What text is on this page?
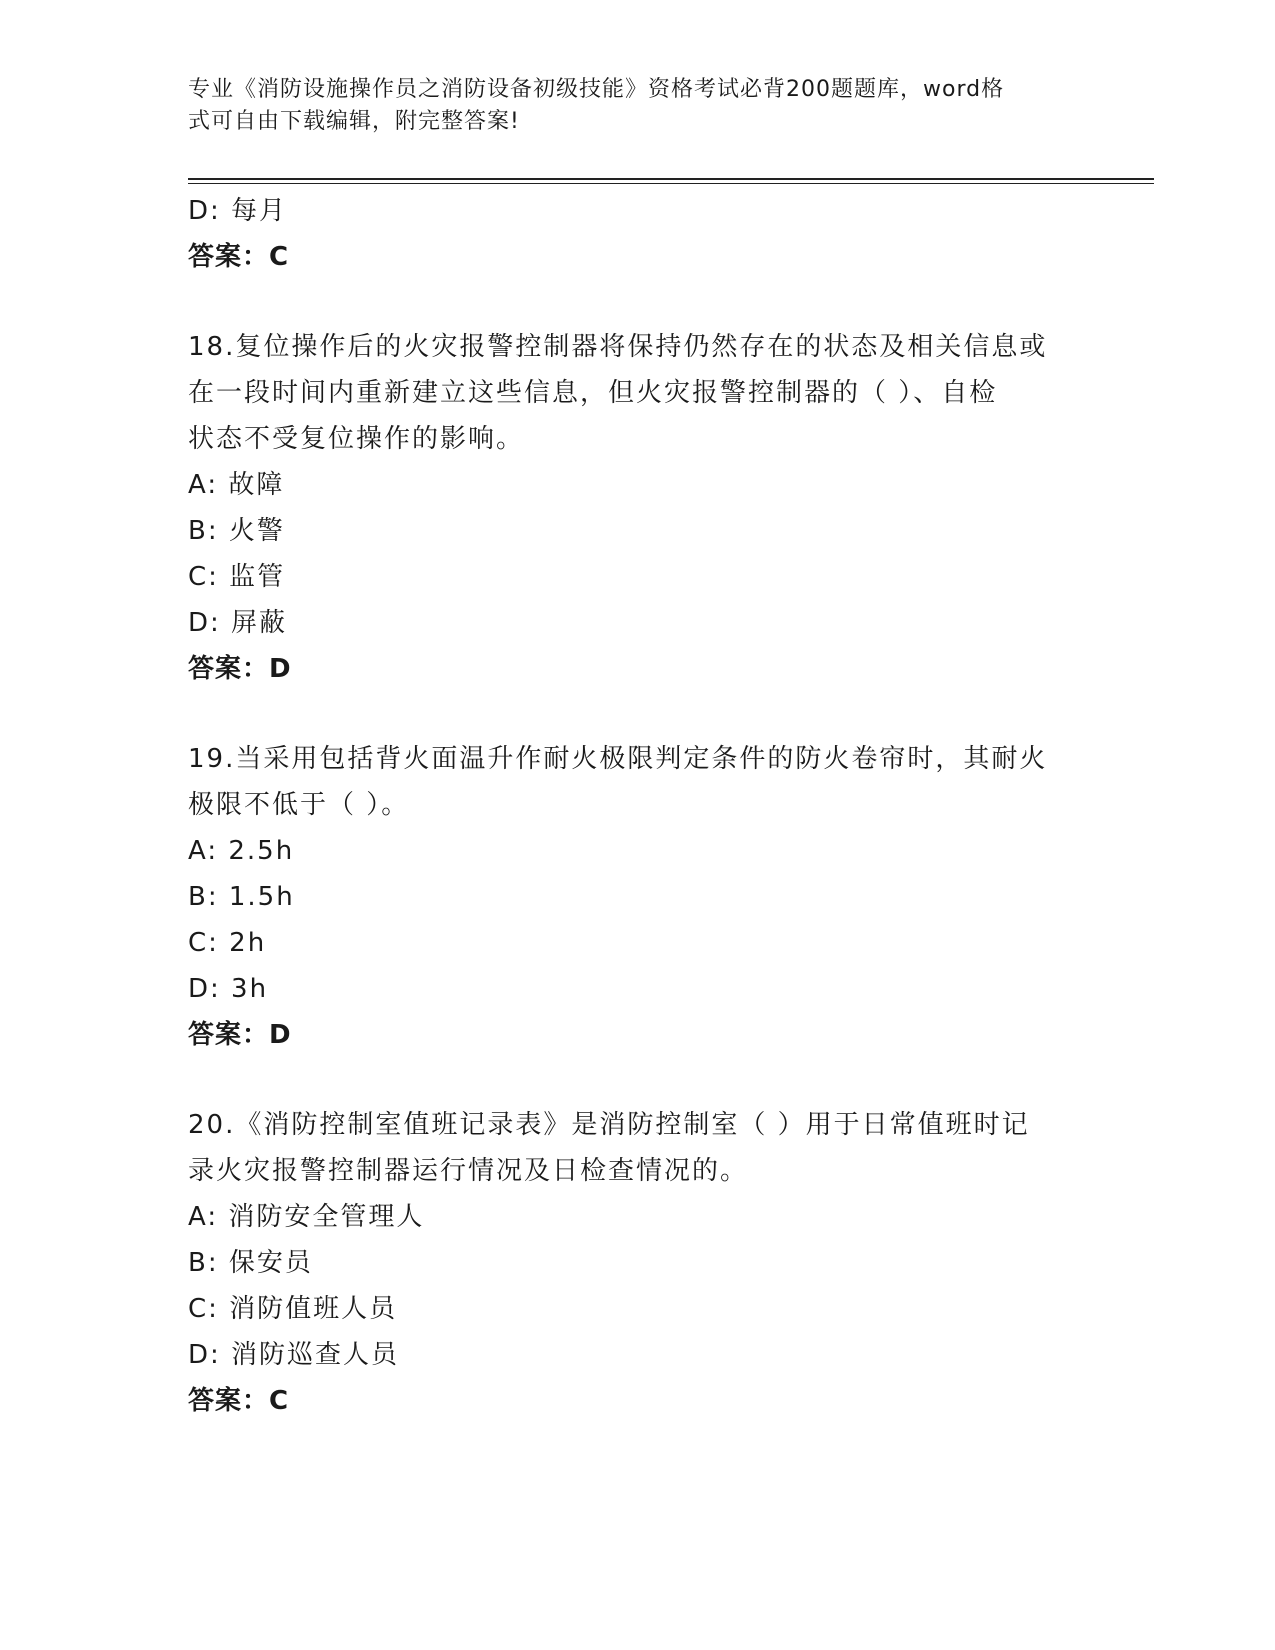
专业《消防设施操作员之消防设备初级技能》资格考试必背200题题库，word格
式可自由下载编辑，附完整答案!
D: 每月
答案：C
18.复位操作后的火灾报警控制器将保持仍然存在的状态及相关信息或
在一段时间内重新建立这些信息，但火灾报警控制器的（ ）、自检
状态不受复位操作的影响。
A: 故障
B: 火警
C: 监管
D: 屏蔽
答案：D
19.当采用包括背火面温升作耐火极限判定条件的防火卷帘时，其耐火
极限不低于（ ）。
A: 2.5h
B: 1.5h
C: 2h
D: 3h
答案：D
20.《消防控制室值班记录表》是消防控制室（ ）用于日常值班时记
录火灾报警控制器运行情况及日检查情况的。
A: 消防安全管理人
B: 保安员
C: 消防值班人员
D: 消防巡查人员
答案：C
